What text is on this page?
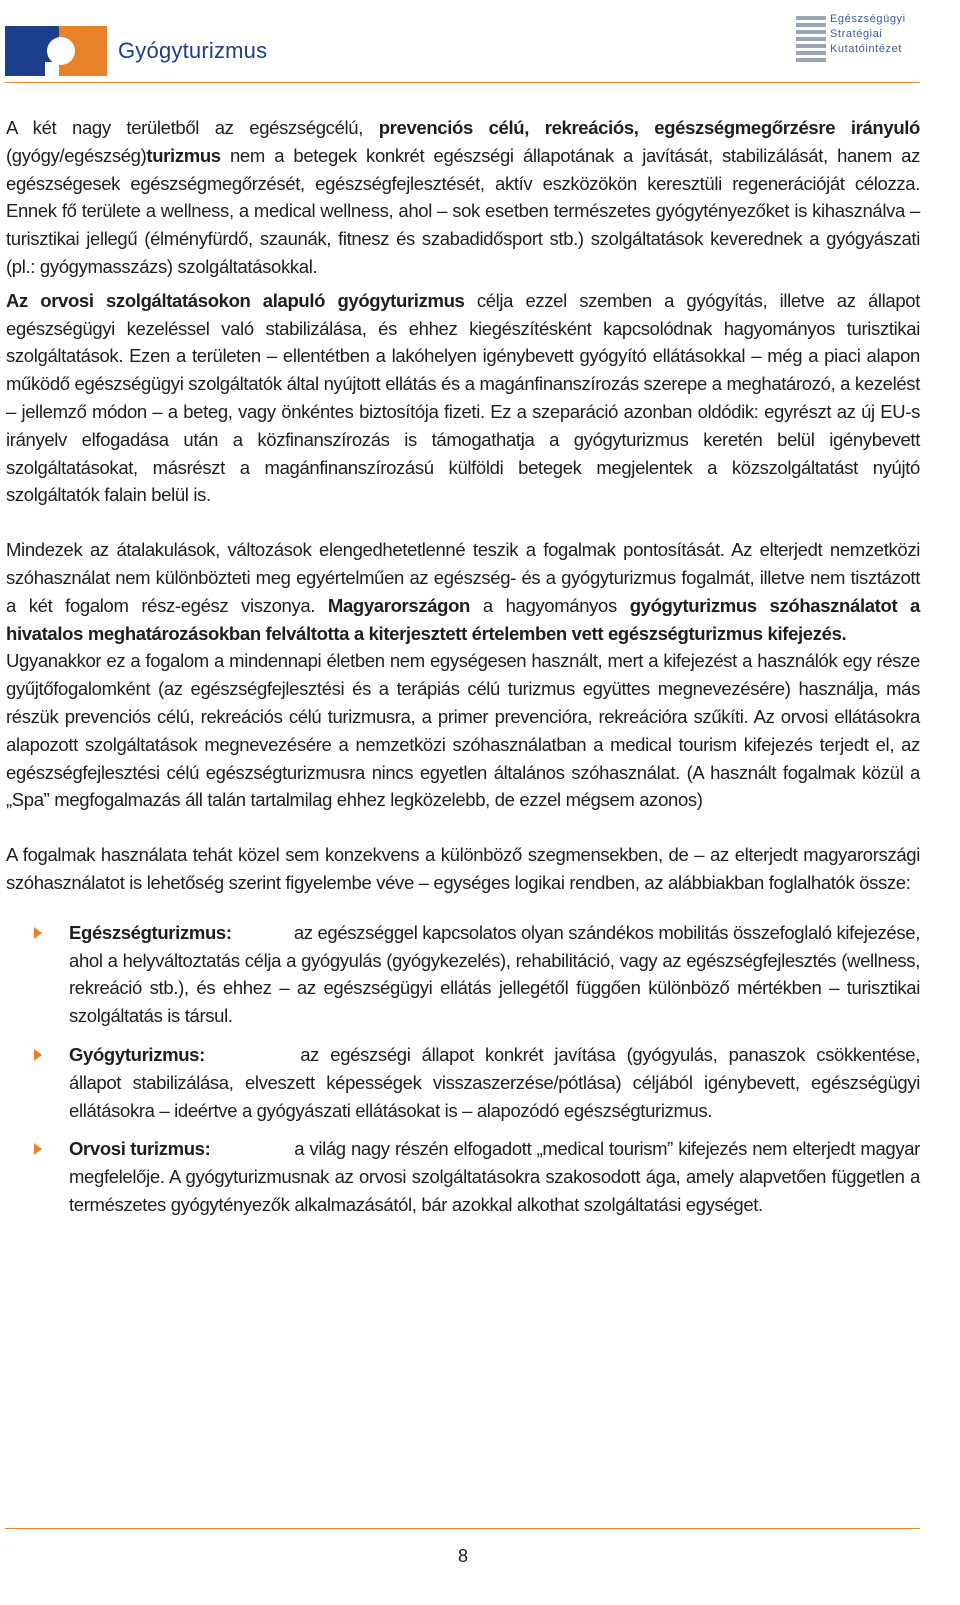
Gyógyturizmus
Egészségügyi
Stratégiai
Kutatóintézet

A két nagy területből az egészségcélú, prevenciós célú, rekreációs, egészségmegőrzésre irányuló (gyógy/egészség)turizmus nem a betegek konkrét egészségi állapotának a javítását, stabilizálását, hanem az egészségesek egészségmegőrzését, egészségfejlesztését, aktív eszközökön keresztüli regenerációját célozza. Ennek fő területe a wellness, a medical wellness, ahol – sok esetben természetes gyógytényezőket is kihasználva – turisztikai jellegű (élményfürdő, szaunák, fitnesz és szabadidősport stb.) szolgáltatások keverednek a gyógyászati (pl.: gyógymasszázs) szolgáltatásokkal.

Az orvosi szolgáltatásokon alapuló gyógyturizmus célja ezzel szemben a gyógyítás, illetve az állapot egészségügyi kezeléssel való stabilizálása, és ehhez kiegészítésként kapcsolódnak hagyományos turisztikai szolgáltatások. Ezen a területen – ellentétben a lakóhelyen igénybevett gyógyító ellátásokkal – még a piaci alapon működő egészségügyi szolgáltatók által nyújtott ellátás és a magánfinanszírozás szerepe a meghatározó, a kezelést – jellemző módon – a beteg, vagy önkéntes biztosítója fizeti. Ez a szeparáció azonban oldódik: egyrészt az új EU-s irányelv elfogadása után a közfinanszírozás is támogathatja a gyógyturizmus keretén belül igénybevett szolgáltatásokat, másrészt a magánfinanszírozású külföldi betegek megjelentek a közszolgáltatást nyújtó szolgáltatók falain belül is.

Mindezek az átalakulások, változások elengedhetetlenné teszik a fogalmak pontosítását. Az elterjedt nemzetközi szóhasználat nem különbözteti meg egyértelműen az egészség- és a gyógyturizmus fogalmát, illetve nem tisztázott a két fogalom rész-egész viszonya. Magyarországon a hagyományos gyógyturizmus szóhasználatot a hivatalos meghatározásokban felváltotta a kiterjesztett értelemben vett egészségturizmus kifejezés.

Ugyanakkor ez a fogalom a mindennapi életben nem egységesen használt, mert a kifejezést a használók egy része gyűjtőfogalomként (az egészségfejlesztési és a terápiás célú turizmus együttes megnevezésére) használja, más részük prevenciós célú, rekreációs célú turizmusra, a primer prevencióra, rekreációra szűkíti. Az orvosi ellátásokra alapozott szolgáltatások megnevezésére a nemzetközi szóhasználatban a medical tourism kifejezés terjedt el, az egészségfejlesztési célú egészségturizmusra nincs egyetlen általános szóhasználat. (A használt fogalmak közül a „Spa” megfogalmazás áll talán tartalmilag ehhez legközelebb, de ezzel mégsem azonos)

A fogalmak használata tehát közel sem konzekvens a különböző szegmensekben, de – az elterjedt magyarországi szóhasználatot is lehetőség szerint figyelembe véve – egységes logikai rendben, az alábbiakban foglalhatók össze:

Egészségturizmus:	az egészséggel kapcsolatos olyan szándékos mobilitás összefoglaló kifejezése, ahol a helyváltoztatás célja a gyógyulás (gyógykezelés), rehabilitáció, vagy az egészségfejlesztés (wellness, rekreáció stb.), és ehhez – az egészségügyi ellátás jellegétől függően különböző mértékben – turisztikai szolgáltatás is társul.
Gyógyturizmus:	az egészségi állapot konkrét javítása (gyógyulás, panaszok csökkentése, állapot stabilizálása, elveszett képességek visszaszerzése/pótlása) céljából igénybevett, egészségügyi ellátásokra – ideértve a gyógyászati ellátásokat is – alapozódó egészségturizmus.
Orvosi turizmus:	a világ nagy részén elfogadott „medical tourism” kifejezés nem elterjedt magyar megfelelője. A gyógyturizmusnak az orvosi szolgáltatásokra szakosodott ága, amely alapvetően független a természetes gyógytényezők alkalmazásától, bár azokkal alkothat szolgáltatási egységet.
8
